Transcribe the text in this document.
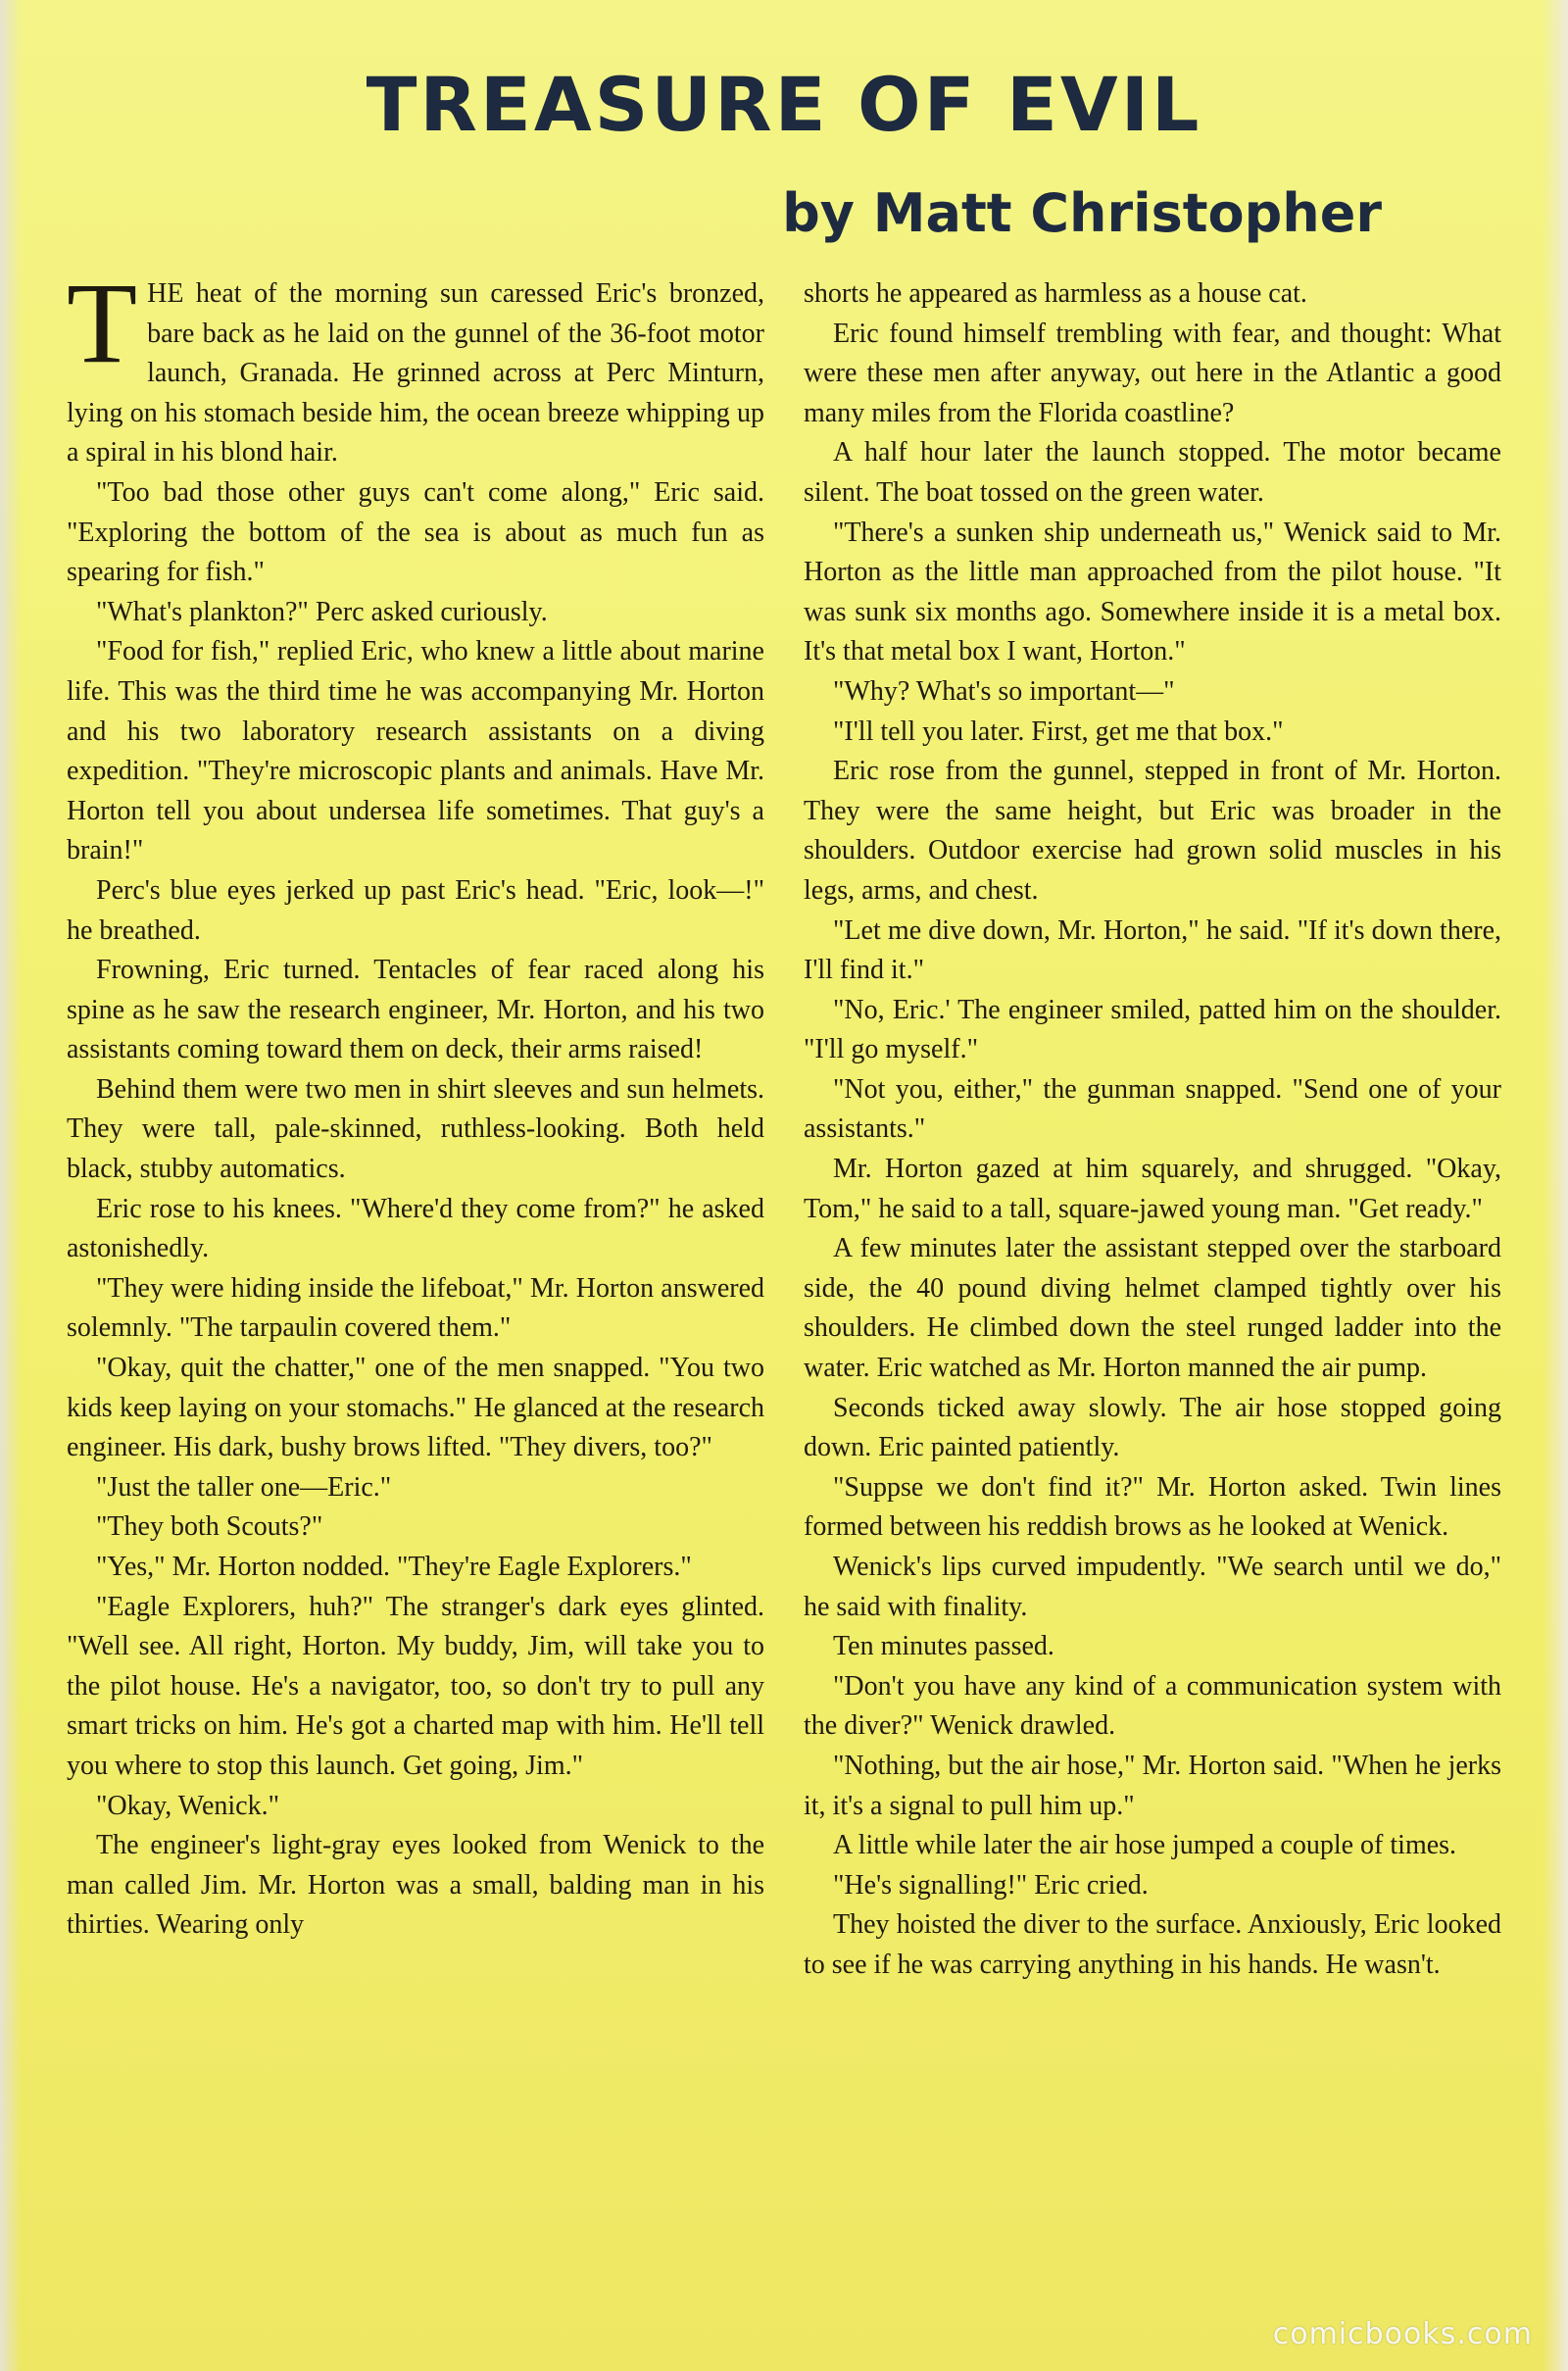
TREASURE OF EVIL
by Matt Christopher

THE heat of the morning sun caressed Eric's bronzed, bare back as he laid on the gunnel of the 36-foot motor launch, Granada. He grinned across at Perc Minturn, lying on his stomach beside him, the ocean breeze whipping up a spiral in his blond hair.

"Too bad those other guys can't come along," Eric said. "Exploring the bottom of the sea is about as much fun as spearing for fish."

"What's plankton?" Perc asked curiously.

"Food for fish," replied Eric, who knew a little about marine life. This was the third time he was accompanying Mr. Horton and his two laboratory research assistants on a diving expedition. "They're microscopic plants and animals. Have Mr. Horton tell you about undersea life sometimes. That guy's a brain!"

Perc's blue eyes jerked up past Eric's head. "Eric, look—!" he breathed.

Frowning, Eric turned. Tentacles of fear raced along his spine as he saw the research engineer, Mr. Horton, and his two assistants coming toward them on deck, their arms raised!

Behind them were two men in shirt sleeves and sun helmets. They were tall, pale-skinned, ruthless-looking. Both held black, stubby automatics.

Eric rose to his knees. "Where'd they come from?" he asked astonishedly.

"They were hiding inside the lifeboat," Mr. Horton answered solemnly. "The tarpaulin covered them."

"Okay, quit the chatter," one of the men snapped. "You two kids keep laying on your stomachs." He glanced at the research engineer. His dark, bushy brows lifted. "They divers, too?"

"Just the taller one—Eric."

"They both Scouts?"

"Yes," Mr. Horton nodded. "They're Eagle Explorers."

"Eagle Explorers, huh?" The stranger's dark eyes glinted. "Well see. All right, Horton. My buddy, Jim, will take you to the pilot house. He's a navigator, too, so don't try to pull any smart tricks on him. He's got a charted map with him. He'll tell you where to stop this launch. Get going, Jim."

"Okay, Wenick."

The engineer's light-gray eyes looked from Wenick to the man called Jim. Mr. Horton was a small, balding man in his thirties. Wearing only

shorts he appeared as harmless as a house cat.

Eric found himself trembling with fear, and thought: What were these men after anyway, out here in the Atlantic a good many miles from the Florida coastline?

A half hour later the launch stopped. The motor became silent. The boat tossed on the green water.

"There's a sunken ship underneath us," Wenick said to Mr. Horton as the little man approached from the pilot house. "It was sunk six months ago. Somewhere inside it is a metal box. It's that metal box I want, Horton."

"Why? What's so important—"

"I'll tell you later. First, get me that box."

Eric rose from the gunnel, stepped in front of Mr. Horton. They were the same height, but Eric was broader in the shoulders. Outdoor exercise had grown solid muscles in his legs, arms, and chest.

"Let me dive down, Mr. Horton," he said. "If it's down there, I'll find it."

"No, Eric.' The engineer smiled, patted him on the shoulder. "I'll go myself."

"Not you, either," the gunman snapped. "Send one of your assistants."

Mr. Horton gazed at him squarely, and shrugged. "Okay, Tom," he said to a tall, square-jawed young man. "Get ready."

A few minutes later the assistant stepped over the starboard side, the 40 pound diving helmet clamped tightly over his shoulders. He climbed down the steel runged ladder into the water. Eric watched as Mr. Horton manned the air pump.

Seconds ticked away slowly. The air hose stopped going down. Eric painted patiently.

"Suppse we don't find it?" Mr. Horton asked. Twin lines formed between his reddish brows as he looked at Wenick.

Wenick's lips curved impudently. "We search until we do," he said with finality.

Ten minutes passed.

"Don't you have any kind of a communication system with the diver?" Wenick drawled.

"Nothing, but the air hose," Mr. Horton said. "When he jerks it, it's a signal to pull him up."

A little while later the air hose jumped a couple of times.

"He's signalling!" Eric cried.

They hoisted the diver to the surface. Anxiously, Eric looked to see if he was carrying anything in his hands. He wasn't.

comicbooks.com
